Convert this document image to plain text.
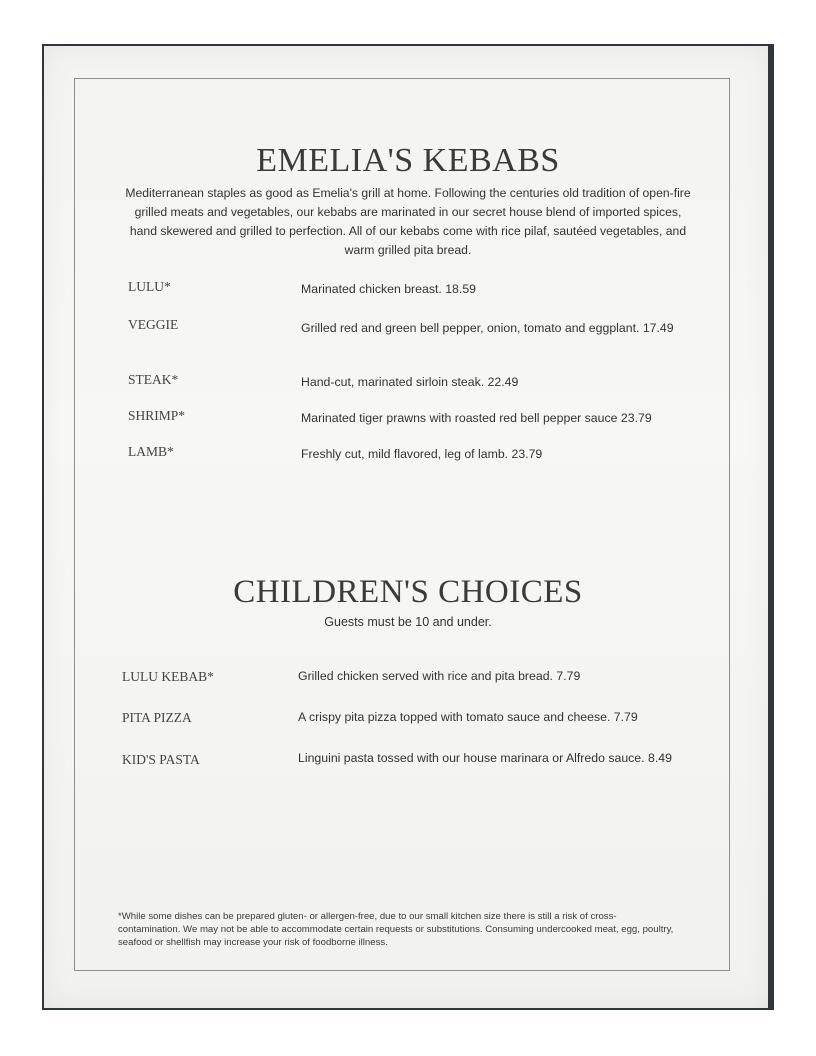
EMELIA'S KEBABS

Mediterranean staples as good as Emelia's grill at home. Following the centuries old tradition of open-fire grilled meats and vegetables, our kebabs are marinated in our secret house blend of imported spices, hand skewered and grilled to perfection. All of our kebabs come with rice pilaf, sautéed vegetables, and warm grilled pita bread.

LULU*	Marinated chicken breast. 18.59
VEGGIE	Grilled red and green bell pepper, onion, tomato and eggplant. 17.49
STEAK*	Hand-cut, marinated sirloin steak. 22.49
SHRIMP*	Marinated tiger prawns with roasted red bell pepper sauce 23.79
LAMB*	Freshly cut, mild flavored, leg of lamb. 23.79
CHILDREN'S CHOICES

Guests must be 10 and under.

LULU KEBAB*	Grilled chicken served with rice and pita bread. 7.79
PITA PIZZA	A crispy pita pizza topped with tomato sauce and cheese. 7.79
KID'S PASTA	Linguini pasta tossed with our house marinara or Alfredo sauce. 8.49

*While some dishes can be prepared gluten- or allergen-free, due to our small kitchen size there is still a risk of cross-contamination. We may not be able to accommodate certain requests or substitutions. Consuming undercooked meat, egg, poultry, seafood or shellfish may increase your risk of foodborne illness.
